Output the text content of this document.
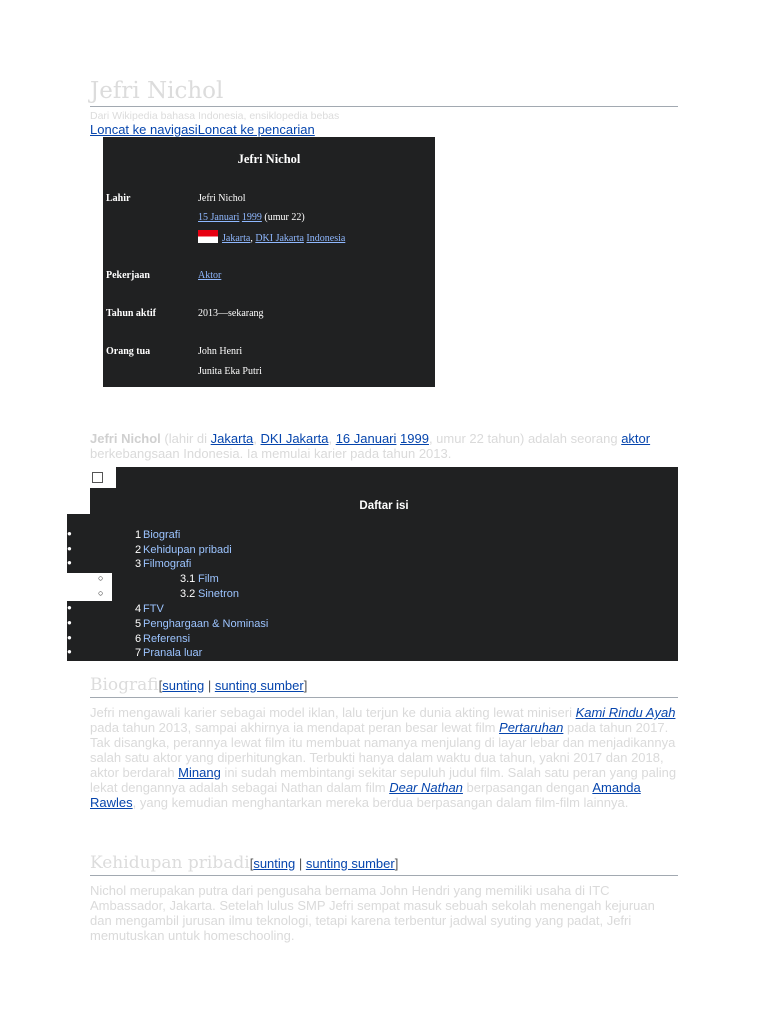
Jefri Nichol
Dari Wikipedia bahasa Indonesia, ensiklopedia bebas
Loncat ke navigasiLoncat ke pencarian
Jefri Nichol
Lahir	Jefri Nichol
15 Januari 1999 (umur 22)
Jakarta, DKI Jakarta Indonesia
Pekerjaan	Aktor
Tahun aktif	2013—sekarang
Orang tua	John Henri
Junita Eka Putri
Jefri Nichol (lahir di Jakarta, DKI Jakarta, 16 Januari 1999, umur 22 tahun) adalah seorang aktor berkebangsaan Indonesia. Ia memulai karier pada tahun 2013.
Daftar isi
●	1 Biografi
●	2 Kehidupan pribadi
●	3 Filmografi
○	3.1 Film
○	3.2 Sinetron
●	4 FTV
●	5 Penghargaan & Nominasi
●	6 Referensi
●	7 Pranala luar
Biografi[sunting | sunting sumber]
Jefri mengawali karier sebagai model iklan, lalu terjun ke dunia akting lewat miniseri Kami Rindu Ayah pada tahun 2013, sampai akhirnya ia mendapat peran besar lewat film Pertaruhan pada tahun 2017. Tak disangka, perannya lewat film itu membuat namanya menjulang di layar lebar dan menjadikannya salah satu aktor yang diperhitungkan. Terbukti hanya dalam waktu dua tahun, yakni 2017 dan 2018, aktor berdarah Minang ini sudah membintangi sekitar sepuluh judul film. Salah satu peran yang paling lekat dengannya adalah sebagai Nathan dalam film Dear Nathan berpasangan dengan Amanda Rawles, yang kemudian menghantarkan mereka berdua berpasangan dalam film-film lainnya.
Kehidupan pribadi[sunting | sunting sumber]
Nichol merupakan putra dari pengusaha bernama John Hendri yang memiliki usaha di ITC Ambassador, Jakarta. Setelah lulus SMP Jefri sempat masuk sebuah sekolah menengah kejuruan dan mengambil jurusan ilmu teknologi, tetapi karena terbentur jadwal syuting yang padat, Jefri memutuskan untuk homeschooling.
